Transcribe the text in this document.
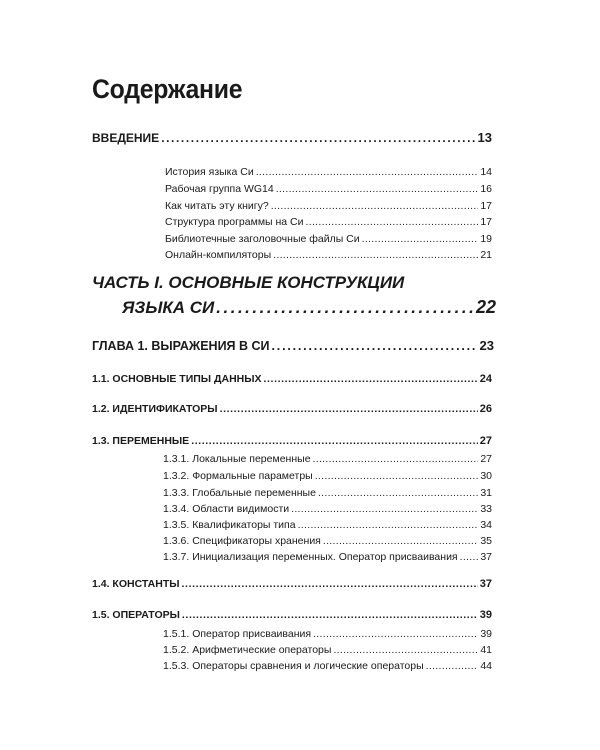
Содержание
ВВЕДЕНИЕ .....	13
История языка Си .....	14
Рабочая группа WG14 .....	16
Как читать эту книгу? .....	17
Структура программы на Си .....	17
Библиотечные заголовочные файлы Си .....	19
Онлайн-компиляторы .....	21
ЧАСТЬ I. ОСНОВНЫЕ КОНСТРУКЦИИ
ЯЗЫКА СИ .....	22
ГЛАВА 1. ВЫРАЖЕНИЯ В СИ .....	23
1.1. ОСНОВНЫЕ ТИПЫ ДАННЫХ .....	24
1.2. ИДЕНТИФИКАТОРЫ .....	26
1.3. ПЕРЕМЕННЫЕ .....	27
1.3.1. Локальные переменные .....	27
1.3.2. Формальные параметры .....	30
1.3.3. Глобальные переменные .....	31
1.3.4. Области видимости .....	33
1.3.5. Квалификаторы типа .....	34
1.3.6. Спецификаторы хранения .....	35
1.3.7. Инициализация переменных. Оператор присваивания ..... 37
1.4. КОНСТАНТЫ .....	37
1.5. ОПЕРАТОРЫ .....	39
1.5.1. Оператор присваивания .....	39
1.5.2. Арифметические операторы .....	41
1.5.3. Операторы сравнения и логические операторы .....	44
